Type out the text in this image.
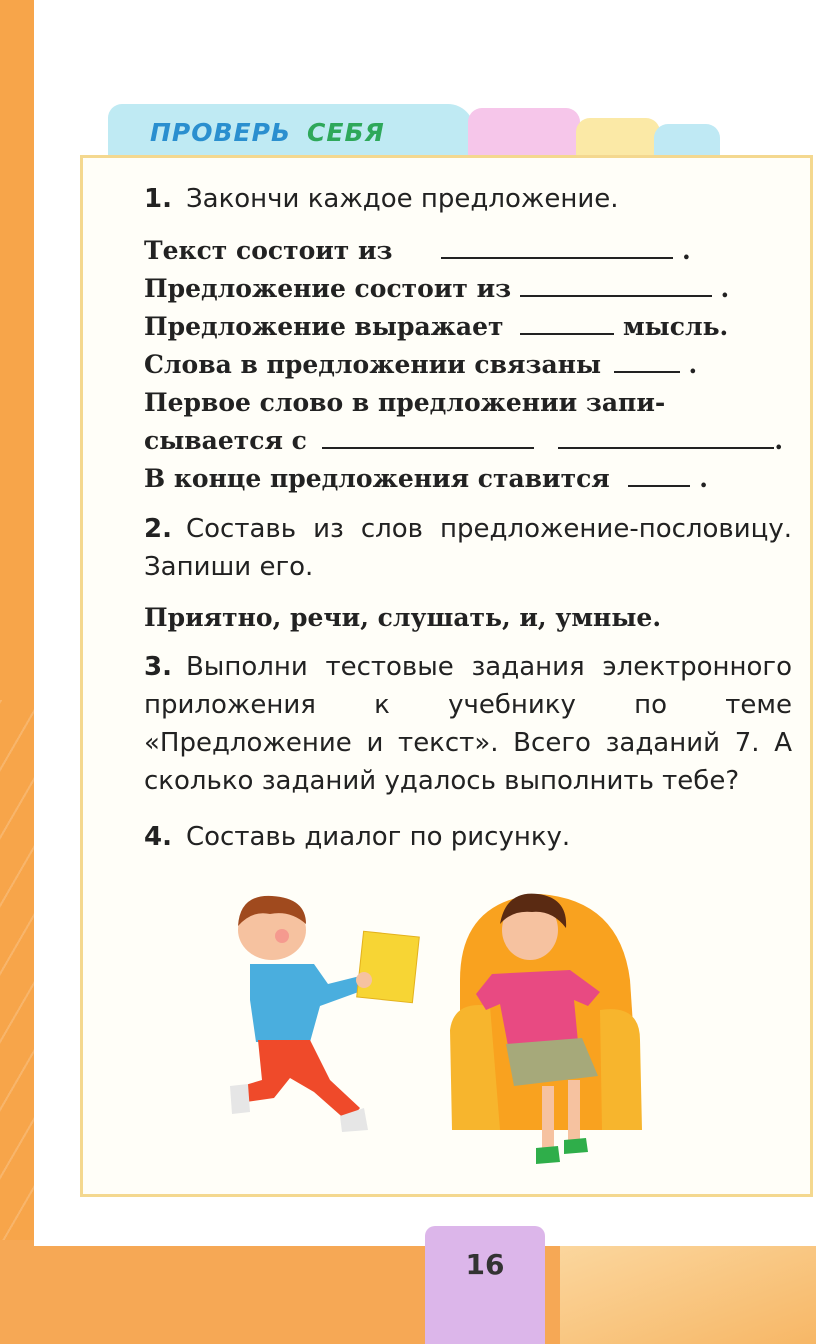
ПРОВЕРЬ СЕБЯ

1. Закончи каждое предложение.

Текст состоит из	.

Предложение состоит из	.

Предложение выражает	мысль.

Слова в предложении связаны	.

Первое слово в предложении запи-

сывается с	.

В конце предложения ставится	.

2. Составь из слов предложение-пословицу. Запиши его.

Приятно, речи, слушать, и, умные.

3. Выполни тестовые задания электронного приложения к учебнику по теме «Предложение и текст». Всего заданий 7. А сколько заданий удалось выполнить тебе?

4. Составь диалог по рисунку.

16
